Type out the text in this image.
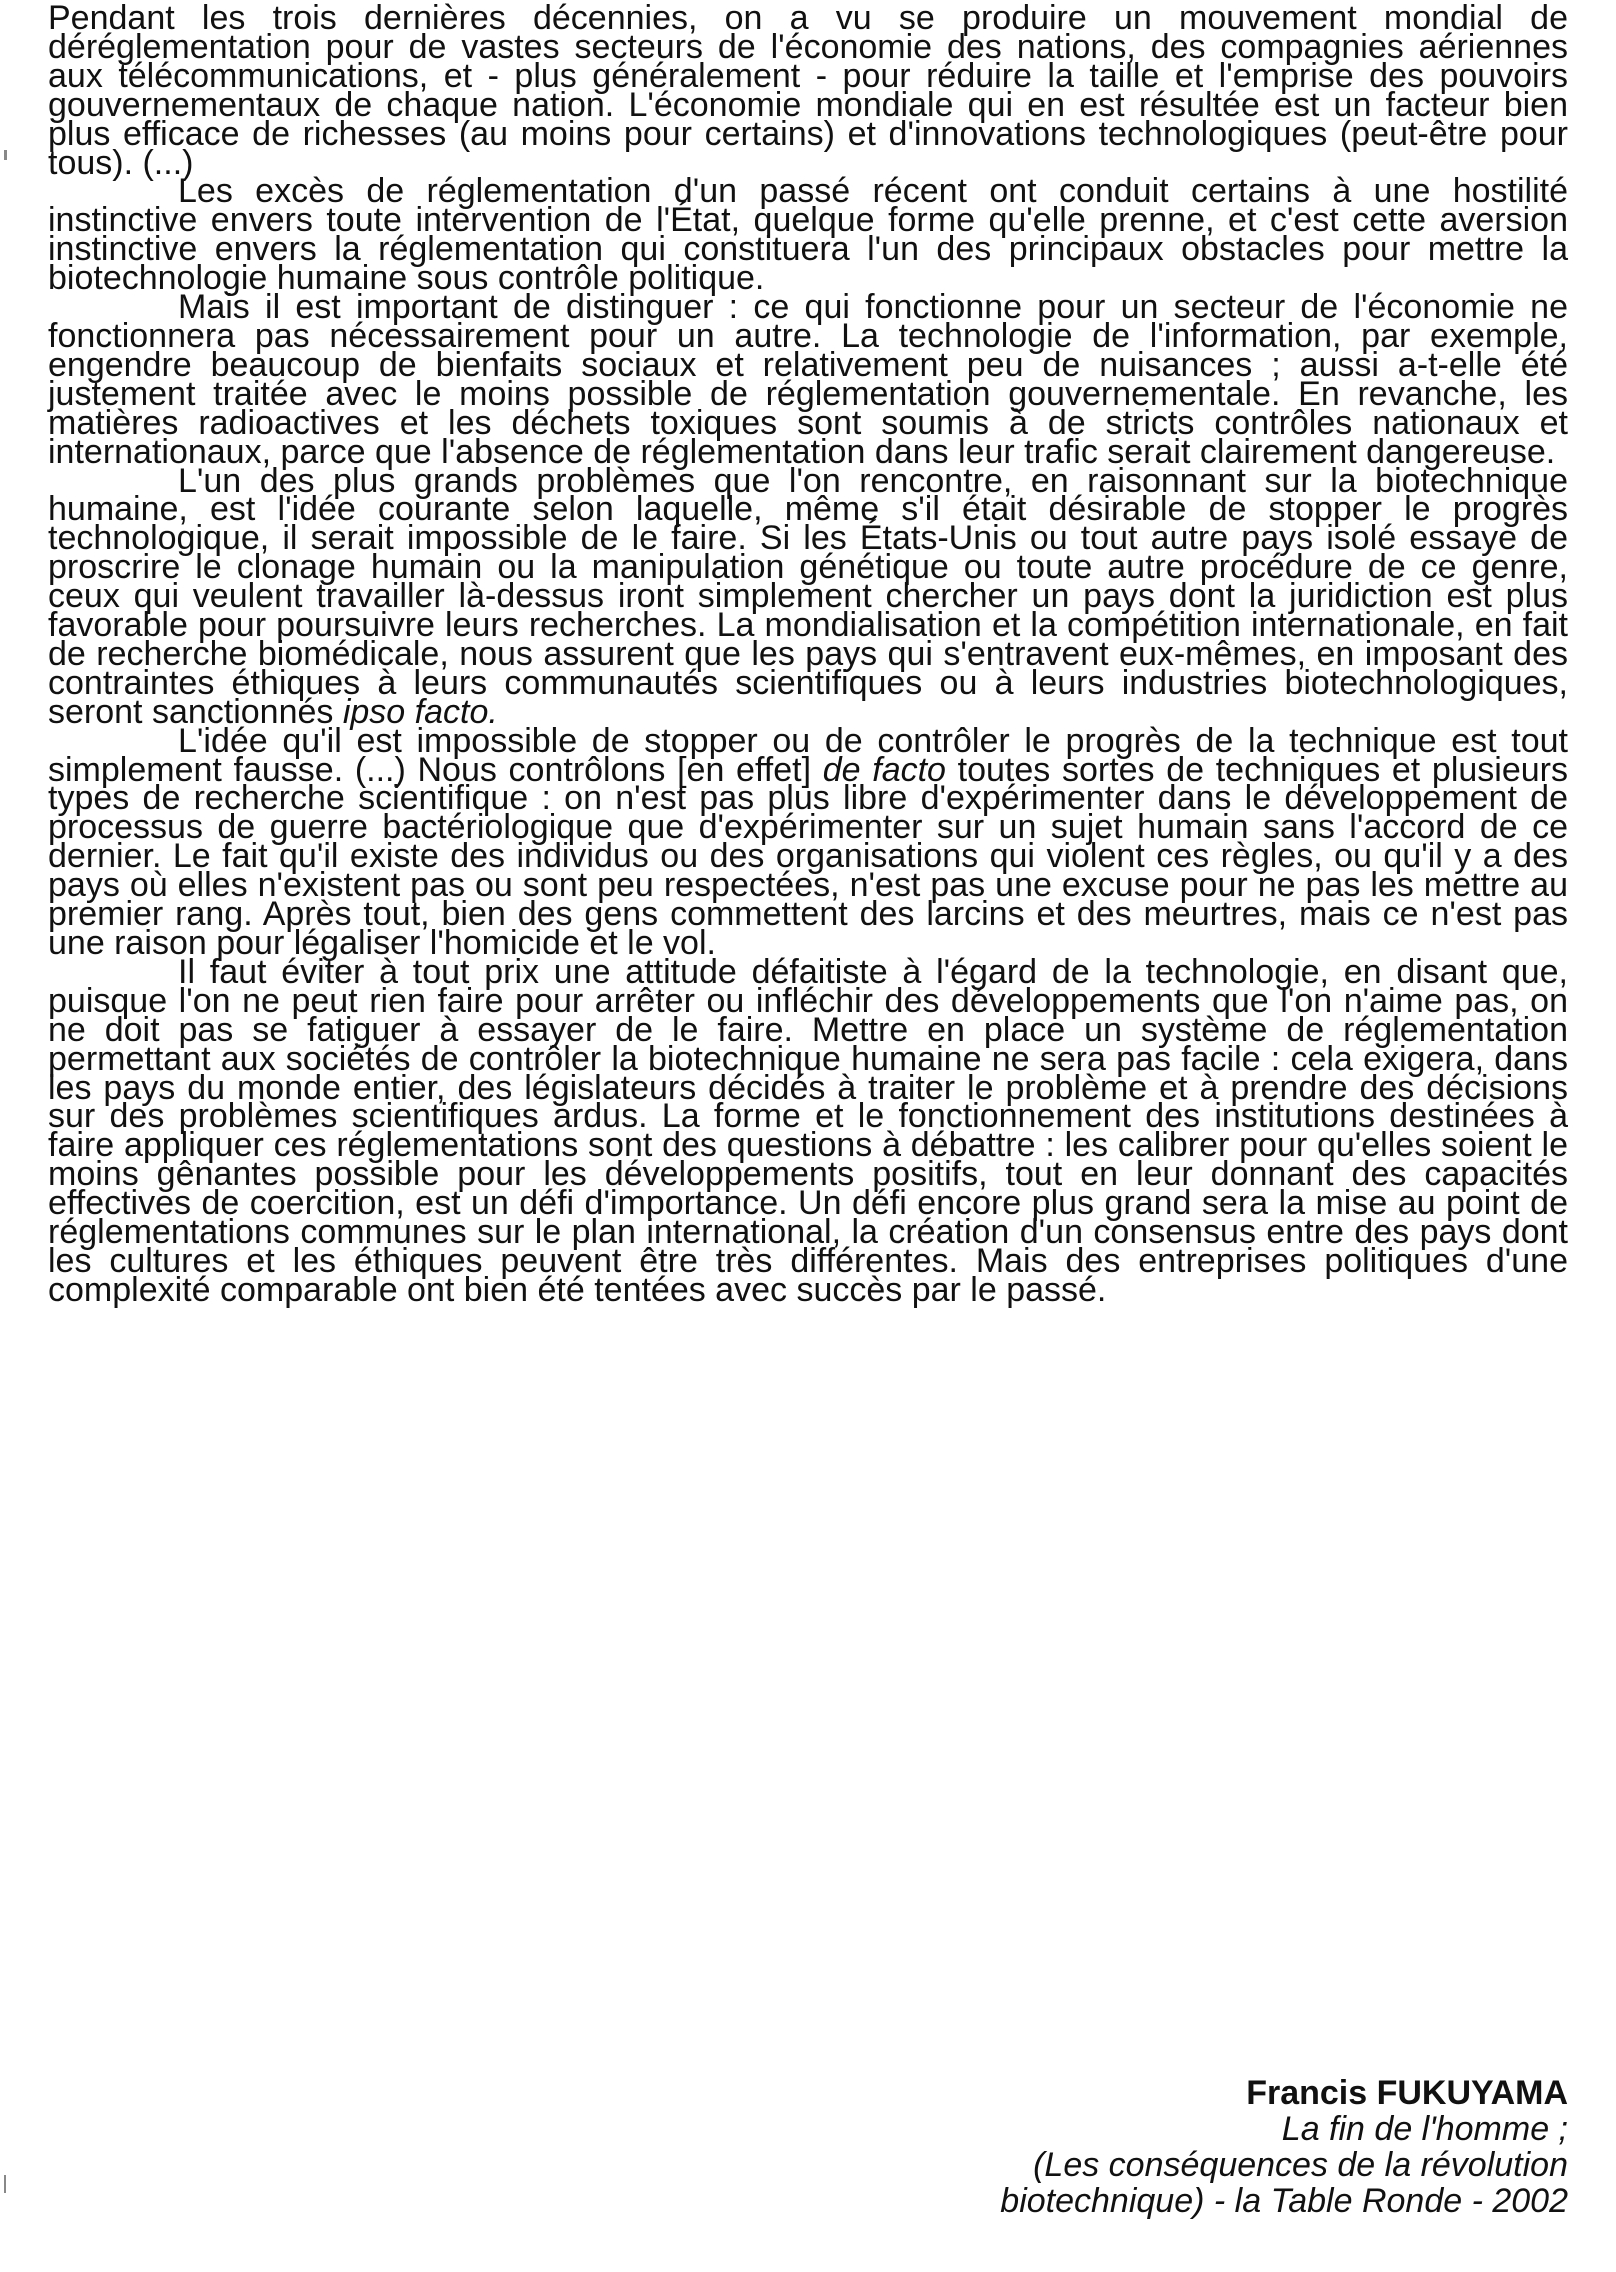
Pendant les trois dernières décennies, on a vu se produire un mouvement mondial de déréglementation pour de vastes secteurs de l'économie des nations, des compagnies aériennes aux télécommunications, et - plus généralement - pour réduire la taille et l'emprise des pouvoirs gouvernementaux de chaque nation. L'économie mondiale qui en est résultée est un facteur bien plus efficace de richesses (au moins pour certains) et d'innovations technologiques (peut-être pour tous). (...)

Les excès de réglementation d'un passé récent ont conduit certains à une hostilité instinctive envers toute intervention de l'État, quelque forme qu'elle prenne, et c'est cette aversion instinctive envers la réglementation qui constituera l'un des principaux obstacles pour mettre la biotechnologie humaine sous contrôle politique.

Mais il est important de distinguer : ce qui fonctionne pour un secteur de l'économie ne fonctionnera pas nécessairement pour un autre. La technologie de l'information, par exemple, engendre beaucoup de bienfaits sociaux et relativement peu de nuisances ; aussi a-t-elle été justement traitée avec le moins possible de réglementation gouvernementale. En revanche, les matières radioactives et les déchets toxiques sont soumis à de stricts contrôles nationaux et internationaux, parce que l'absence de réglementation dans leur trafic serait clairement dangereuse.

L'un des plus grands problèmes que l'on rencontre, en raisonnant sur la biotechnique humaine, est l'idée courante selon laquelle, même s'il était désirable de stopper le progrès technologique, il serait impossible de le faire. Si les États-Unis ou tout autre pays isolé essaye de proscrire le clonage humain ou la manipulation génétique ou toute autre procédure de ce genre, ceux qui veulent travailler là-dessus iront simplement chercher un pays dont la juridiction est plus favorable pour poursuivre leurs recherches. La mondialisation et la compétition internationale, en fait de recherche biomédicale, nous assurent que les pays qui s'entravent eux-mêmes, en imposant des contraintes éthiques à leurs communautés scientifiques ou à leurs industries biotechnologiques, seront sanctionnés ipso facto.

L'idée qu'il est impossible de stopper ou de contrôler le progrès de la technique est tout simplement fausse. (...) Nous contrôlons [en effet] de facto toutes sortes de techniques et plusieurs types de recherche scientifique : on n'est pas plus libre d'expérimenter dans le développement de processus de guerre bactériologique que d'expérimenter sur un sujet humain sans l'accord de ce dernier. Le fait qu'il existe des individus ou des organisations qui violent ces règles, ou qu'il y a des pays où elles n'existent pas ou sont peu respectées, n'est pas une excuse pour ne pas les mettre au premier rang. Après tout, bien des gens commettent des larcins et des meurtres, mais ce n'est pas une raison pour légaliser l'homicide et le vol.

Il faut éviter à tout prix une attitude défaitiste à l'égard de la technologie, en disant que, puisque l'on ne peut rien faire pour arrêter ou infléchir des développements que l'on n'aime pas, on ne doit pas se fatiguer à essayer de le faire. Mettre en place un système de réglementation permettant aux sociétés de contrôler la biotechnique humaine ne sera pas facile : cela exigera, dans les pays du monde entier, des législateurs décidés à traiter le problème et à prendre des décisions sur des problèmes scientifiques ardus. La forme et le fonctionnement des institutions destinées à faire appliquer ces réglementations sont des questions à débattre : les calibrer pour qu'elles soient le moins gênantes possible pour les développements positifs, tout en leur donnant des capacités effectives de coercition, est un défi d'importance. Un défi encore plus grand sera la mise au point de réglementations communes sur le plan international, la création d'un consensus entre des pays dont les cultures et les éthiques peuvent être très différentes. Mais des entreprises politiques d'une complexité comparable ont bien été tentées avec succès par le passé.

Francis FUKUYAMA
La fin de l'homme ;
(Les conséquences de la révolution
biotechnique) - la Table Ronde - 2002
